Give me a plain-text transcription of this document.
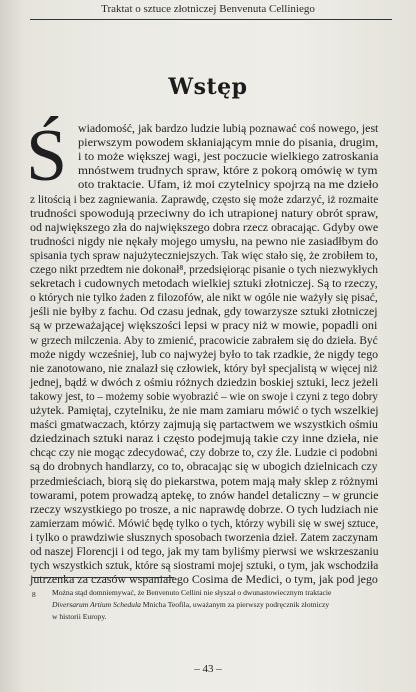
Traktat o sztuce złotniczej Benvenuta Celliniego
Wstęp
Ś wiadomość, jak bardzo ludzie lubią poznawać coś nowego, jest
pierwszym powodem skłaniającym mnie do pisania, drugim,
i to może większej wagi, jest poczucie wielkiego zatroskania
mnóstwem trudnych spraw, które z pokorą omówię w tym
oto traktacie. Ufam, iż moi czytelnicy spojrzą na me dzieło
z litością i bez zagniewania. Zaprawdę, często się może zdarzyć, iż rozmaite
trudności spowodują przeciwny do ich utrapionej natury obrót spraw,
od największego zła do największego dobra rzecz obracając. Gdyby owe
trudności nigdy nie nękały mojego umysłu, na pewno nie zasiadłbym do
spisania tych spraw najużyteczniejszych. Tak więc stało się, że zrobiłem to,
czego nikt przedtem nie dokonał⁸, przedsięiorąc pisanie o tych niezwykłych
sekretach i cudownych metodach wielkiej sztuki złotniczej. Są to rzeczy,
o których nie tylko żaden z filozofów, ale nikt w ogóle nie ważyły się pisać,
jeśli nie byłby z fachu. Od czasu jednak, gdy towarzysze sztuki złotniczej
są w przeważającej większości lepsi w pracy niż w mowie, popadli oni
w grzech milczenia. Aby to zmienić, pracowicie zabrałem się do dzieła. Być
może nigdy wcześniej, lub co najwyżej było to tak rzadkie, że nigdy tego
nie zanotowano, nie znalazł się człowiek, który był specjalistą w więcej niż
jednej, bądź w dwóch z ośmiu różnych dziedzin boskiej sztuki, lecz jeżeli
takowy jest, to – możemy sobie wyobrazić – wie on swoje i czyni z tego dobry
użytek. Pamiętaj, czytelniku, że nie mam zamiaru mówić o tych wszelkiej
maści gmatwaczach, którzy zajmują się partactwem we wszystkich ośmiu
dziedzinach sztuki naraz i często podejmują takie czy inne dzieła, nie
chcąc czy nie mogąc zdecydować, czy dobrze to, czy źle. Ludzie ci podobni
są do drobnych handlarzy, co to, obracając się w ubogich dzielnicach czy
przedmieściach, biorą się do piekarstwa, potem mają mały sklep z różnymi
towarami, potem prowadzą aptekę, to znów handel detaliczny – w gruncie
rzeczy wszystkiego po trosze, a nic naprawdę dobrze. O tych ludziach nie
zamierzam mówić. Mówić będę tylko o tych, którzy wybili się w swej sztuce,
i tylko o prawdziwie słusznych sposobach tworzenia dzieł. Zatem zaczynam
od naszej Florencji i od tego, jak my tam byliśmy pierwsi we wskrzeszaniu
tych wszystkich sztuk, które są siostrami mojej sztuki, o tym, jak wschodziła
jutrzenka za czasów wspaniałego Cosima de Medici, o tym, jak pod jego
8 Można stąd domniemywać, że Benvenuto Cellini nie słyszał o dwunastowiecznym traktacie
Diversarum Artium Schedula Mnicha Teofila, uważanym za pierwszy podręcznik złotniczy
w historii Europy.
– 43 –
